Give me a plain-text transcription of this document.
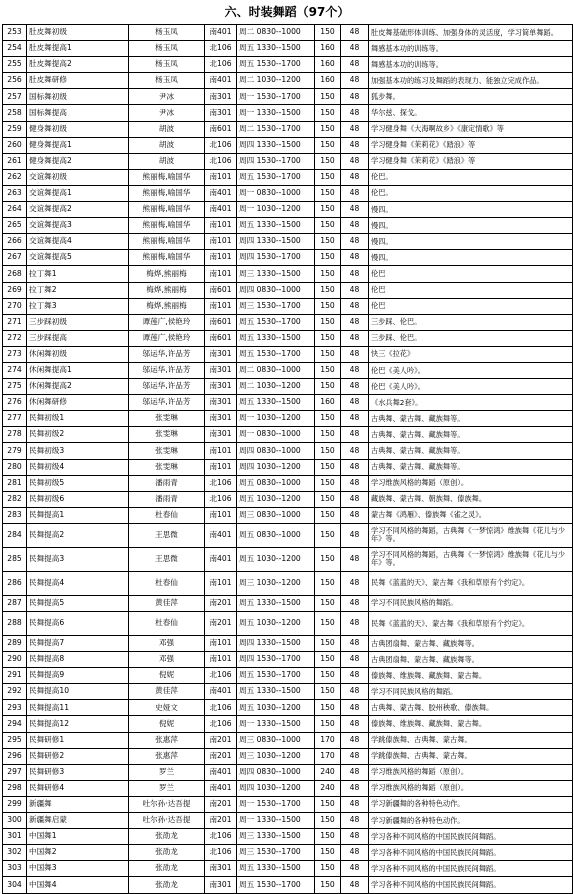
六、时装舞蹈（97个）
253	肚皮舞初级	杨玉凤	南401	周二 0830--1000	150	48	肚皮舞基础形体训练、加强身体的灵活度，学习简单舞蹈。
254	肚皮舞提高1	杨玉凤	北106	周五 1330--1500	160	48	舞感基本功的训练等。
255	肚皮舞提高2	杨玉凤	北106	周五 1530--1700	160	48	舞感基本功的训练等。
256	肚皮舞研修	杨玉凤	南401	周二 1030--1200	160	48	加强基本功的练习及舞蹈的表现力、能独立完成作品。
257	国标舞初级	尹冰	南301	周一 1530--1700	150	48	狐步舞。
258	国标舞提高	尹冰	南301	周一 1330--1500	150	48	华尔兹、探戈。
259	健身舞初级	胡波	南601	周二 1530--1700	150	48	学习健身舞《大海啊故乡》《康定情歌》等
260	健身舞提高1	胡波	北106	周四 1330--1500	150	48	学习健身舞《茉莉花》《踏浪》等
261	健身舞提高2	胡波	北106	周四 1530--1700	150	48	学习健身舞《茉莉花》《踏浪》等
262	交谊舞初级	熊丽梅,喻国华	南101	周五 1530--1700	150	48	伦巴。
263	交谊舞提高1	熊丽梅,喻国华	南401	周一 0830--1000	150	48	伦巴。
264	交谊舞提高2	熊丽梅,喻国华	南401	周一 1030--1200	150	48	慢四。
265	交谊舞提高3	熊丽梅,喻国华	南101	周五 1330--1500	150	48	慢四。
266	交谊舞提高4	熊丽梅,喻国华	南101	周四 1330--1500	150	48	慢四。
267	交谊舞提高5	熊丽梅,喻国华	南101	周四 1530--1700	150	48	慢四。
268	拉丁舞1	梅烨,熊丽梅	南101	周三 1330--1500	150	48	伦巴
269	拉丁舞2	梅烨,熊丽梅	南601	周四 0830--1000	150	48	伦巴
270	拉丁舞3	梅烨,熊丽梅	南101	周三 1530--1700	150	48	伦巴
271	三步踩初级	谭莲广,侯艳玲	南601	周五 1530--1700	150	48	三步踩、伦巴。
272	三步踩提高	谭莲广,侯艳玲	南601	周五 1330--1500	150	48	三步踩、伦巴。
273	休闲舞初级	邬运华,许品芳	南301	周五 1530--1700	150	48	快三《拉花》
274	休闲舞提高1	邬运华,许品芳	南301	周二 0830--1000	150	48	伦巴《美人吟》。
275	休闲舞提高2	邬运华,许品芳	南301	周二 1030--1200	150	48	伦巴《美人吟》。
276	休闲舞研修	邬运华,许品芳	南301	周五 1330--1500	160	48	《水兵舞2套》。
277	民舞初级1	张雯琳	南301	周一 1030--1200	150	48	古典舞、蒙古舞、藏族舞等。
278	民舞初级2	张雯琳	南301	周一 0830--1000	150	48	古典舞、蒙古舞、藏族舞等。
279	民舞初级3	张雯琳	南101	周四 0830--1000	150	48	古典舞、蒙古舞、藏族舞等。
280	民舞初级4	张雯琳	南101	周四 1030--1200	150	48	古典舞、蒙古舞、藏族舞等。
281	民舞初级5	潘雨青	北106	周五 0830--1000	150	48	学习维族风格的舞蹈（原创）。
282	民舞初级6	潘雨青	北106	周五 1030--1200	150	48	藏族舞、蒙古舞、朝族舞、傣族舞。
283	民舞提高1	杜春仙	南101	周三 0830--1000	150	48	蒙古舞《鸿雁》、傣族舞《雀之灵》。
284	民舞提高2	王思微	南401	周五 0830--1000	150	48	学习不同风格的舞蹈，古典舞《一梦惊鸿》维族舞《花儿与少年》等。
285	民舞提高3	王思微	南401	周五 1030--1200	150	48	学习不同风格的舞蹈，古典舞《一梦惊鸿》维族舞《花儿与少年》等。
286	民舞提高4	杜春仙	南101	周三 1030--1200	150	48	民舞《蓝蓝的天》、蒙古舞《我和草原有个约定》。
287	民舞提高5	黄佳萍	南201	周五 1330--1500	150	48	学习不同民族风格的舞蹈。
288	民舞提高6	杜春仙	南201	周五 1030--1200	150	48	民舞《蓝蓝的天》、蒙古舞《我和草原有个约定》。
289	民舞提高7	邓强	南101	周四 1330--1500	150	48	古典团扇舞、蒙古舞、藏族舞等。
290	民舞提高8	邓强	南101	周四 1530--1700	150	48	古典团扇舞、蒙古舞、藏族舞等。
291	民舞提高9	倪妮	北106	周五 1530--1700	150	48	傣族舞、维族舞、藏族舞、蒙古舞。
292	民舞提高10	黄佳萍	南401	周五 1330--1500	150	48	学习不同民族风格的舞蹈。
293	民舞提高11	史娅文	北106	周五 1030--1200	150	48	古典舞、蒙古舞、胶州秧歌、傣族舞。
294	民舞提高12	倪妮	北106	周一 1330--1500	150	48	傣族舞、维族舞、藏族舞、蒙古舞。
295	民舞研修1	张惠萍	南201	周三 0830--1000	170	48	学跳傣族舞、古典舞、蒙古舞。
296	民舞研修2	张惠萍	南201	周三 1030--1200	170	48	学跳傣族舞、古典舞、蒙古舞。
297	民舞研修3	罗兰	南401	周四 0830--1000	240	48	学习维族风格的舞蹈（原创）。
298	民舞研修4	罗兰	南401	周四 1030--1200	240	48	学习维族风格的舞蹈（原创）。
299	新疆舞	吐尔孙·达吾提	南201	周一 1530--1700	150	48	学习新疆舞的各种特色动作。
300	新疆舞启蒙	吐尔孙·达吾提	南201	周一 1330--1500	150	48	学习新疆舞的各种特色动作。
301	中国舞1	张劭龙	北106	周三 1330--1500	150	48	学习各种不同风格的中国民族民间舞蹈。
302	中国舞2	张劭龙	北106	周三 1530--1700	150	48	学习各种不同风格的中国民族民间舞蹈。
303	中国舞3	张劭龙	南301	周五 1330--1500	150	48	学习各种不同风格的中国民族民间舞蹈。
304	中国舞4	张劭龙	南301	周五 1530--1700	150	48	学习各种不同风格的中国民族民间舞蹈。
